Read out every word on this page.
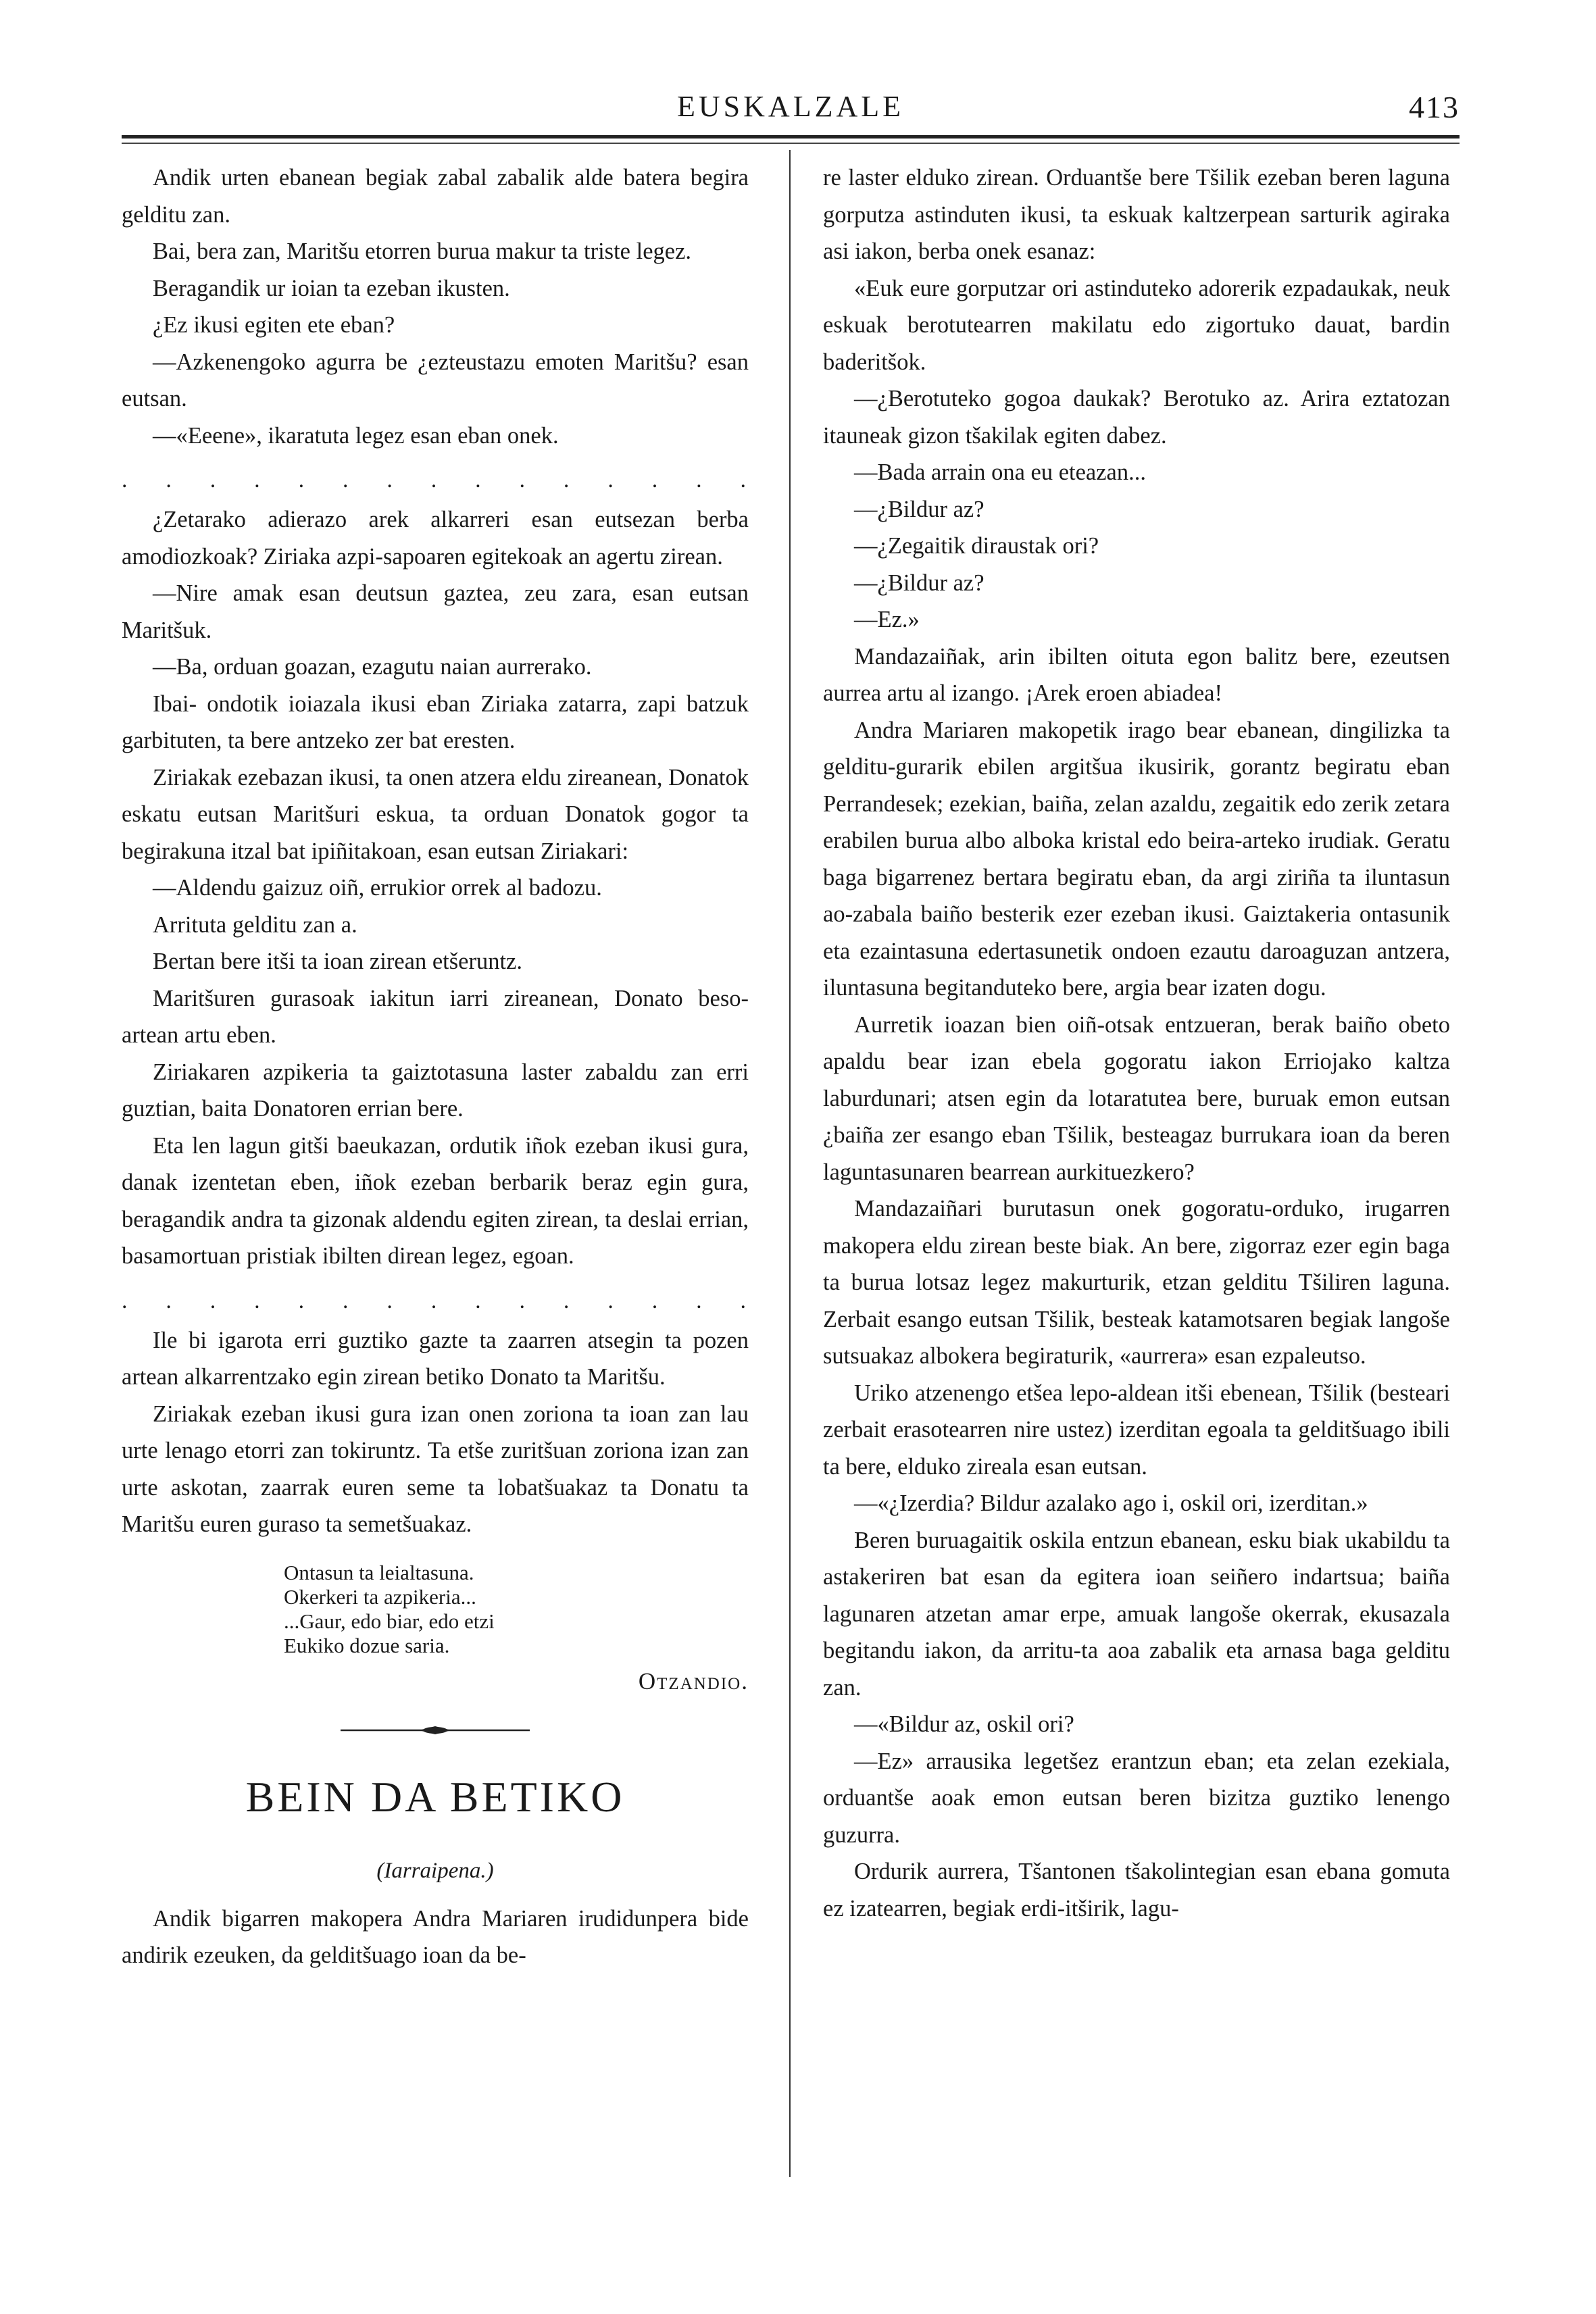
EUSKALZALE	413

Andik urten ebanean begiak zabal zabalik alde batera begira gelditu zan.

Bai, bera zan, Maritšu etorren burua makur ta triste legez.

Beragandik ur ioian ta ezeban ikusten.

¿Ez ikusi egiten ete eban?

—Azkenengoko agurra be ¿ezteustazu emoten Maritšu? esan eutsan.

—«Eeene», ikaratuta legez esan eban onek.

. . . . . . . . . . . . . . .

¿Zetarako adierazo arek alkarreri esan eutsezan berba amodiozkoak? Ziriaka azpi-sapoaren egitekoak an agertu zirean.

—Nire amak esan deutsun gaztea, zeu zara, esan eutsan Maritšuk.

—Ba, orduan goazan, ezagutu naian aurrerako.

Ibai- ondotik ioiazala ikusi eban Ziriaka zatarra, zapi batzuk garbituten, ta bere antzeko zer bat eresten.

Ziriakak ezebazan ikusi, ta onen atzera eldu zireanean, Donatok eskatu eutsan Maritšuri eskua, ta orduan Donatok gogor ta begirakuna itzal bat ipiñitakoan, esan eutsan Ziriakari:

—Aldendu gaizuz oiñ, errukior orrek al badozu.

Arrituta gelditu zan a.

Bertan bere itši ta ioan zirean etšeruntz.

Maritšuren gurasoak iakitun iarri zireanean, Donato beso-artean artu eben.

Ziriakaren azpikeria ta gaiztotasuna laster zabaldu zan erri guztian, baita Donatoren errian bere.

Eta len lagun gitši baeukazan, ordutik iñok ezeban ikusi gura, danak izentetan eben, iñok ezeban berbarik beraz egin gura, beragandik andra ta gizonak aldendu egiten zirean, ta deslai errian, basamortuan pristiak ibilten direan legez, egoan.

. . . . . . . . . . . . . . .

Ile bi igarota erri guztiko gazte ta zaarren atsegin ta pozen artean alkarrentzako egin zirean betiko Donato ta Maritšu.

Ziriakak ezeban ikusi gura izan onen zoriona ta ioan zan lau urte lenago etorri zan tokiruntz. Ta etše zuritšuan zoriona izan zan urte askotan, zaarrak euren seme ta lobatšuakaz ta Donatu ta Maritšu euren guraso ta semetšuakaz.

Ontasun ta leialtasuna.
Okerkeri ta azpikeria...
...Gaur, edo biar, edo etzi
Eukiko dozue saria.
Otzandio.
BEIN DA BETIKO
(Iarraipena.)

Andik bigarren makopera Andra Mariaren irudidunpera bide andirik ezeuken, da gelditšuago ioan da be-

re laster elduko zirean. Orduantše bere Tšilik ezeban beren laguna gorputza astinduten ikusi, ta eskuak kaltzerpean sarturik agiraka asi iakon, berba onek esanaz:

«Euk eure gorputzar ori astinduteko adorerik ezpadaukak, neuk eskuak berotutearren makilatu edo zigortuko dauat, bardin baderitšok.

—¿Berotuteko gogoa daukak? Berotuko az. Arira eztatozan itauneak gizon tšakilak egiten dabez.

—Bada arrain ona eu eteazan...

—¿Bildur az?

—¿Zegaitik diraustak ori?

—¿Bildur az?

—Ez.»

Mandazaiñak, arin ibilten oituta egon balitz bere, ezeutsen aurrea artu al izango. ¡Arek eroen abiadea!

Andra Mariaren makopetik irago bear ebanean, dingilizka ta gelditu-gurarik ebilen argitšua ikusirik, gorantz begiratu eban Perrandesek; ezekian, baiña, zelan azaldu, zegaitik edo zerik zetara erabilen burua albo alboka kristal edo beira-arteko irudiak. Geratu baga bigarrenez bertara begiratu eban, da argi ziriña ta iluntasun ao-zabala baiño besterik ezer ezeban ikusi. Gaiztakeria ontasunik eta ezaintasuna edertasunetik ondoen ezautu daroaguzan antzera, iluntasuna begitanduteko bere, argia bear izaten dogu.

Aurretik ioazan bien oiñ-otsak entzueran, berak baiño obeto apaldu bear izan ebela gogoratu iakon Erriojako kaltza laburdunari; atsen egin da lotaratutea bere, buruak emon eutsan ¿baiña zer esango eban Tšilik, besteagaz burrukara ioan da beren laguntasunaren bearrean aurkituezkero?

Mandazaiñari burutasun onek gogoratu-orduko, irugarren makopera eldu zirean beste biak. An bere, zigorraz ezer egin baga ta burua lotsaz legez makurturik, etzan gelditu Tšiliren laguna. Zerbait esango eutsan Tšilik, besteak katamotsaren begiak langoše sutsuakaz albokera begiraturik, «aurrera» esan ezpaleutso.

Uriko atzenengo etšea lepo-aldean itši ebenean, Tšilik (besteari zerbait erasotearren nire ustez) izerditan egoala ta gelditšuago ibili ta bere, elduko zireala esan eutsan.

—«¿Izerdia? Bildur azalako ago i, oskil ori, izerditan.»

Beren buruagaitik oskila entzun ebanean, esku biak ukabildu ta astakeriren bat esan da egitera ioan seiñero indartsua; baiña lagunaren atzetan amar erpe, amuak langoše okerrak, ekusazala begitandu iakon, da arritu-ta aoa zabalik eta arnasa baga gelditu zan.

—«Bildur az, oskil ori?

—Ez» arrausika legetšez erantzun eban; eta zelan ezekiala, orduantše aoak emon eutsan beren bizitza guztiko lenengo guzurra.

Ordurik aurrera, Tšantonen tšakolintegian esan ebana gomuta ez izatearren, begiak erdi-itširik, lagu-
